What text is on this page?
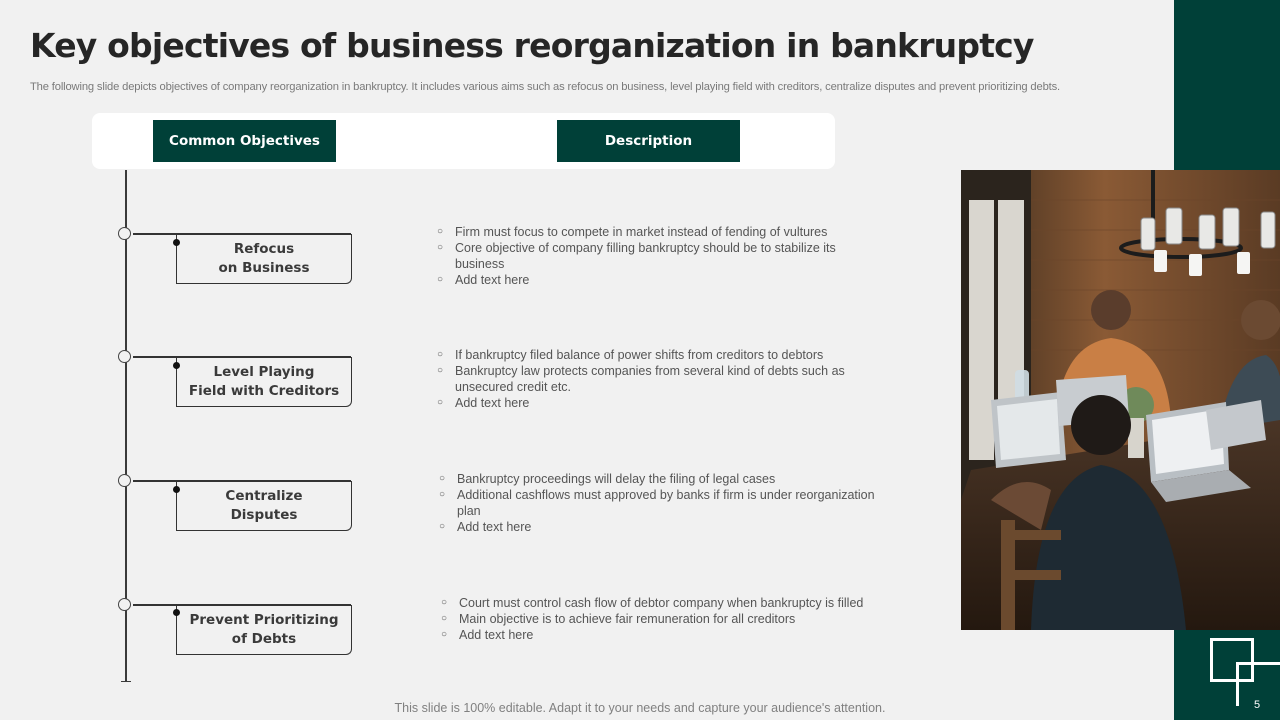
Key objectives of business reorganization in bankruptcy
The following slide depicts objectives of company reorganization in bankruptcy. It includes various aims such as refocus on business, level playing field with creditors, centralize disputes and prevent prioritizing debts.
Common Objectives	Description
Refocus
on Business
○ Firm must focus to compete in market instead of fending of vultures
○ Core objective of company filling bankruptcy should be to stabilize its business
○ Add text here
Level Playing
Field with Creditors
○ If bankruptcy filed balance of power shifts from creditors to debtors
○ Bankruptcy law protects companies from several kind of debts such as unsecured credit etc.
○ Add text here
Centralize
Disputes
○ Bankruptcy proceedings will delay the filing of legal cases
○ Additional cashflows must approved by banks if firm is under reorganization plan
○ Add text here
Prevent Prioritizing
of Debts
○ Court must control cash flow of debtor company when bankruptcy is filled
○ Main objective is to achieve fair remuneration for all creditors
○ Add text here
This slide is 100% editable. Adapt it to your needs and capture your audience's attention.	5
